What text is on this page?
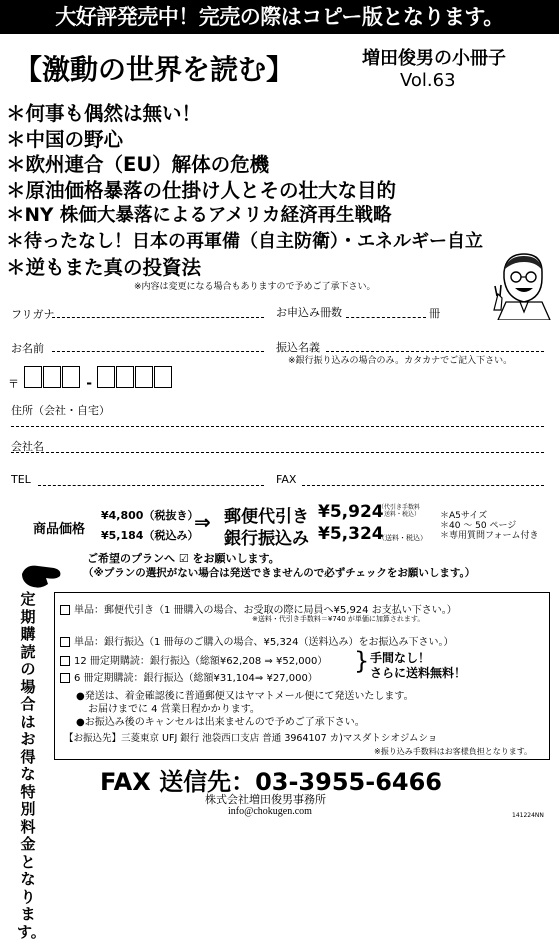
大好評発売中！完売の際はコピー版となります。
【激動の世界を読む】	増田俊男の小冊子
Vol.63
＊何事も偶然は無い！
＊中国の野心
＊欧州連合（EU）解体の危機
＊原油価格暴落の仕掛け人とその壮大な目的
＊NY 株価大暴落によるアメリカ経済再生戦略
＊待ったなし！日本の再軍備（自主防衛）・エネルギー自立
＊逆もまた真の投資法
※内容は変更になる場合もありますので予めご了承下さい。
フリガナ	お申込み冊数	冊
お名前	振込名義
※銀行振り込みの場合のみ。カタカナでご記入下さい。
〒	-
住所（会社・自宅）
会社名
TEL	FAX
商品価格
¥4,800（税抜き）
¥5,184（税込み）
⇒ 郵便代引き ¥5,924
（代引き手数料
・送料・税込）
銀行振込み ¥5,324
（送料・税込）
＊A5サイズ
＊40 ～ 50 ページ
＊専用質問フォーム付き
ご希望のプランへ ☑ をお願いします。
（※プランの選択がない場合は発送できませんので必ずチェックをお願いします。）
定期購読の場合はお得な特別料金となります。
単品：郵便代引き（1 冊購入の場合、お受取の際に局員へ¥5,924 お支払い下さい。）
※送料・代引き手数料＝¥740 が単価に加算されます。
単品：銀行振込（1 冊毎のご購入の場合、¥5,324（送料込み）をお振込み下さい。）
12 冊定期購読：銀行振込（総額¥62,208 ⇒ ¥52,000）
6 冊定期購読：銀行振込（総額¥31,104⇒ ¥27,000）
} 手間なし！
さらに送料無料！
●発送は、着金確認後に普通郵便又はヤマトメール便にて発送いたします。
お届けまでに 4 営業日程かかります。
●お振込み後のキャンセルは出来ませんので予めご了承下さい。
【お振込先】三菱東京 UFJ 銀行 池袋西口支店 普通 3964107 カ)マスダトシオジムショ
※振り込み手数料はお客様負担となります。
FAX 送信先：03-3955-6466
株式会社増田俊男事務所
info@chokugen.com	141224NN
